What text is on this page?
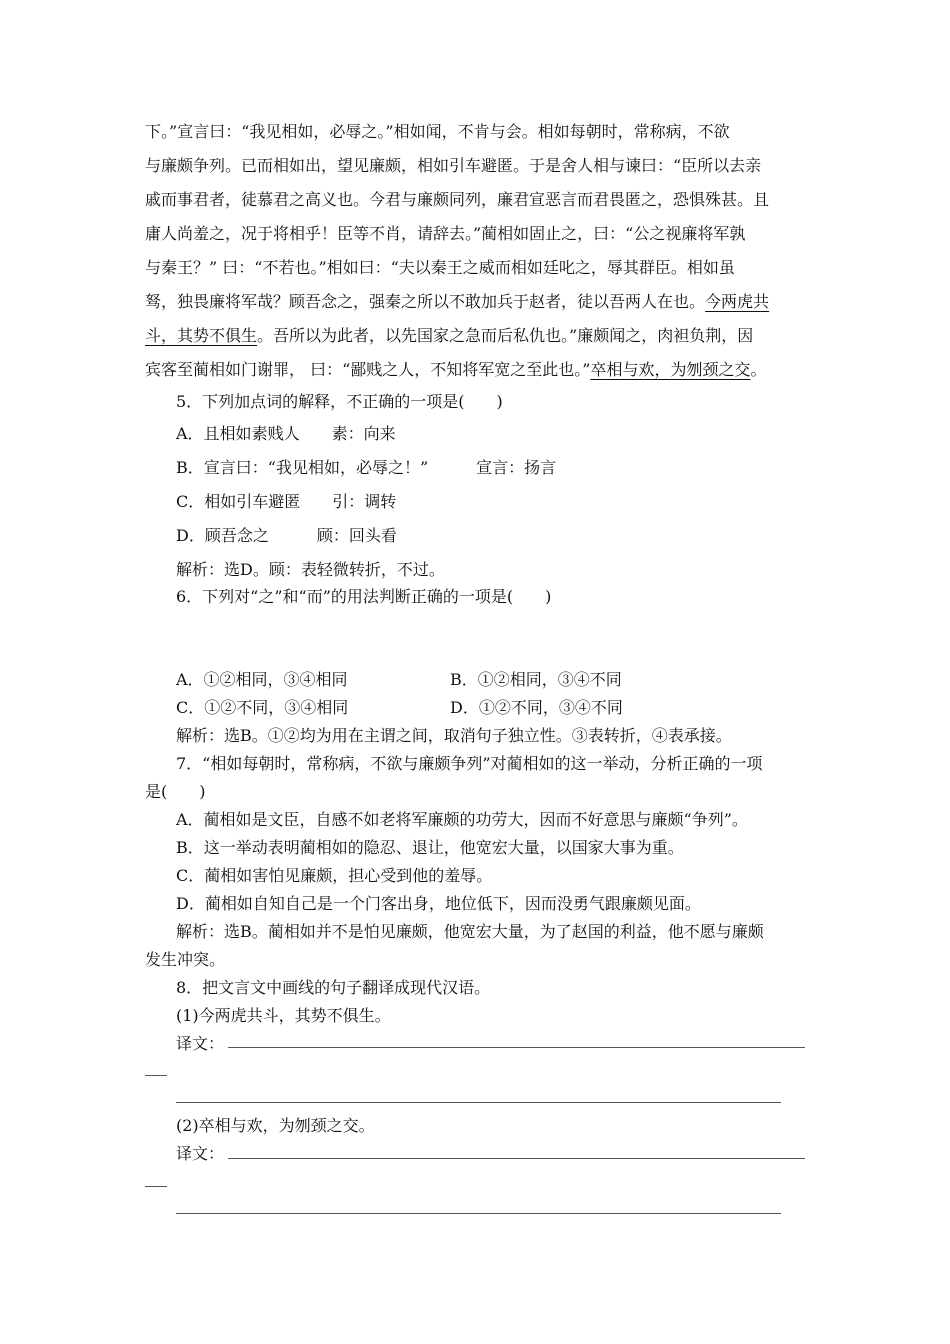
下。”宣言曰：“我见相如，必辱之。”相如闻，不肯与会。相如每朝时，常称病，不欲
与廉颇争列。已而相如出，望见廉颇，相如引车避匿。于是舍人相与谏曰：“臣所以去亲
戚而事君者，徒慕君之高义也。今君与廉颇同列，廉君宣恶言而君畏匿之，恐惧殊甚。且
庸人尚羞之，况于将相乎！臣等不肖，请辞去。”蔺相如固止之，曰：“公之视廉将军孰
与秦王？” 曰：“不若也。”相如曰：“夫以秦王之威而相如廷叱之，辱其群臣。相如虽
驽，独畏廉将军哉？顾吾念之，强秦之所以不敢加兵于赵者，徒以吾两人在也。今两虎共
斗，其势不俱生。吾所以为此者，以先国家之急而后私仇也。”廉颇闻之，肉袒负荆，因
宾客至蔺相如门谢罪， 曰：“鄙贱之人，不知将军宽之至此也。”卒相与欢，为刎颈之交。
5．下列加点词的解释，不正确的一项是(　　)
A．且相如素贱人　　素：向来
B．宣言曰：“我见相如，必辱之！”　　　宣言：扬言
C．相如引车避匿　　引：调转
D．顾吾念之　　　顾：回头看
解析：选D。顾：表轻微转折，不过。
6．下列对“之”和“而”的用法判断正确的一项是(　　)
A．①②相同，③④相同	B．①②相同，③④不同
C．①②不同，③④相同	D．①②不同，③④不同
解析：选B。①②均为用在主谓之间，取消句子独立性。③表转折，④表承接。
7．“相如每朝时，常称病，不欲与廉颇争列”对蔺相如的这一举动，分析正确的一项
是(　　)
A．蔺相如是文臣，自感不如老将军廉颇的功劳大，因而不好意思与廉颇“争列”。
B．这一举动表明蔺相如的隐忍、退让，他宽宏大量，以国家大事为重。
C．蔺相如害怕见廉颇，担心受到他的羞辱。
D．蔺相如自知自己是一个门客出身，地位低下，因而没勇气跟廉颇见面。
解析：选B。蔺相如并不是怕见廉颇，他宽宏大量，为了赵国的利益，他不愿与廉颇
发生冲突。
8．把文言文中画线的句子翻译成现代汉语。
(1)今两虎共斗，其势不俱生。
译文：
(2)卒相与欢，为刎颈之交。
译文：
